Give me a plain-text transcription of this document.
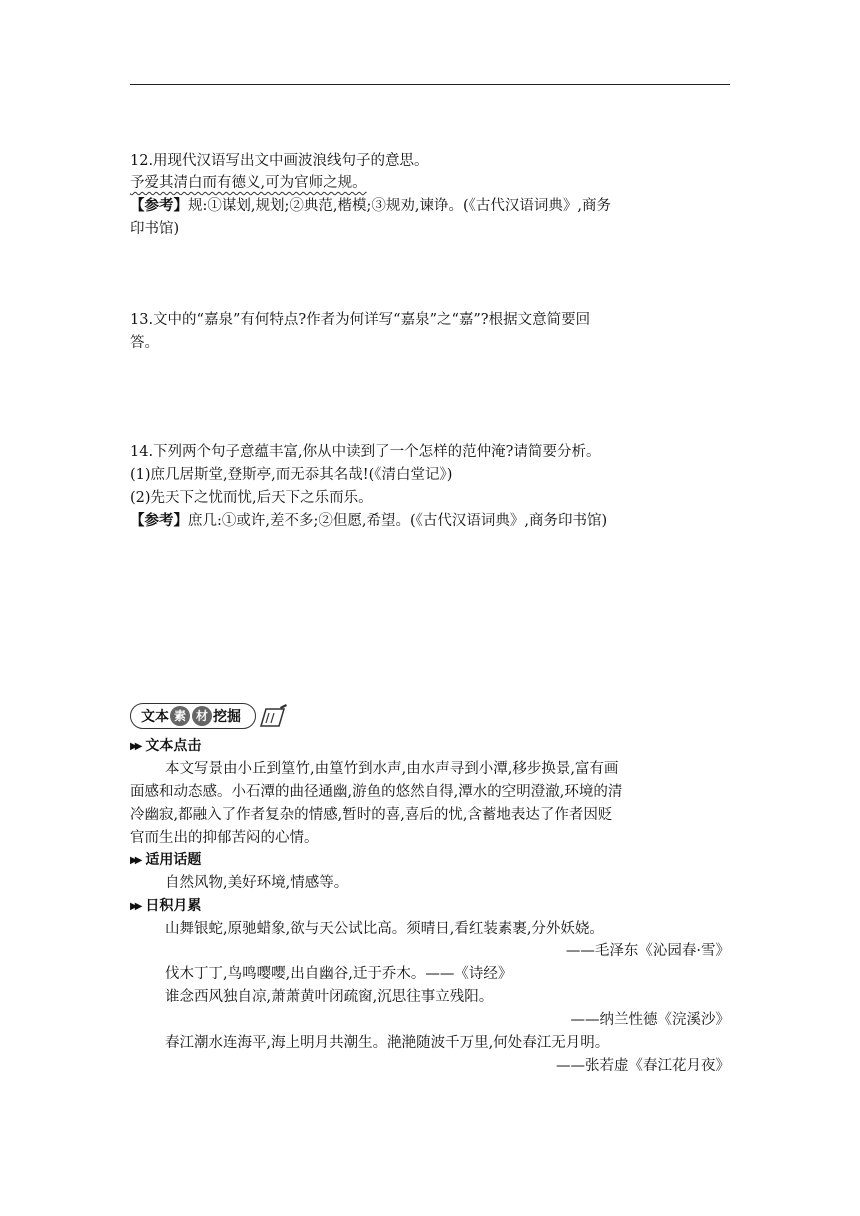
12.用现代汉语写出文中画波浪线句子的意思。
予爱其清白而有德义,可为官师之规。
【参考】规:①谋划,规划;②典范,楷模;③规劝,谏诤。(《古代汉语词典》,商务
印书馆)
13.文中的“嘉泉”有何特点?作者为何详写“嘉泉”之“嘉”?根据文意简要回
答。
14.下列两个句子意蕴丰富,你从中读到了一个怎样的范仲淹?请简要分析。
(1)庶几居斯堂,登斯亭,而无忝其名哉!(《清白堂记》)
(2)先天下之忧而忧,后天下之乐而乐。
【参考】庶几:①或许,差不多;②但愿,希望。(《古代汉语词典》,商务印书馆)
文本 素 材 挖掘
▶▶ 文本点击
本文写景由小丘到篁竹,由篁竹到水声,由水声寻到小潭,移步换景,富有画
面感和动态感。小石潭的曲径通幽,游鱼的悠然自得,潭水的空明澄澈,环境的清
冷幽寂,都融入了作者复杂的情感,暂时的喜,喜后的忧,含蓄地表达了作者因贬
官而生出的抑郁苦闷的心情。
▶▶ 适用话题
自然风物,美好环境,情感等。
▶▶ 日积月累
山舞银蛇,原驰蜡象,欲与天公试比高。须晴日,看红装素裹,分外妖娆。
——毛泽东《沁园春·雪》
伐木丁丁,鸟鸣嘤嘤,出自幽谷,迁于乔木。——《诗经》
谁念西风独自凉,萧萧黄叶闭疏窗,沉思往事立残阳。
——纳兰性德《浣溪沙》
春江潮水连海平,海上明月共潮生。滟滟随波千万里,何处春江无月明。
——张若虚《春江花月夜》
